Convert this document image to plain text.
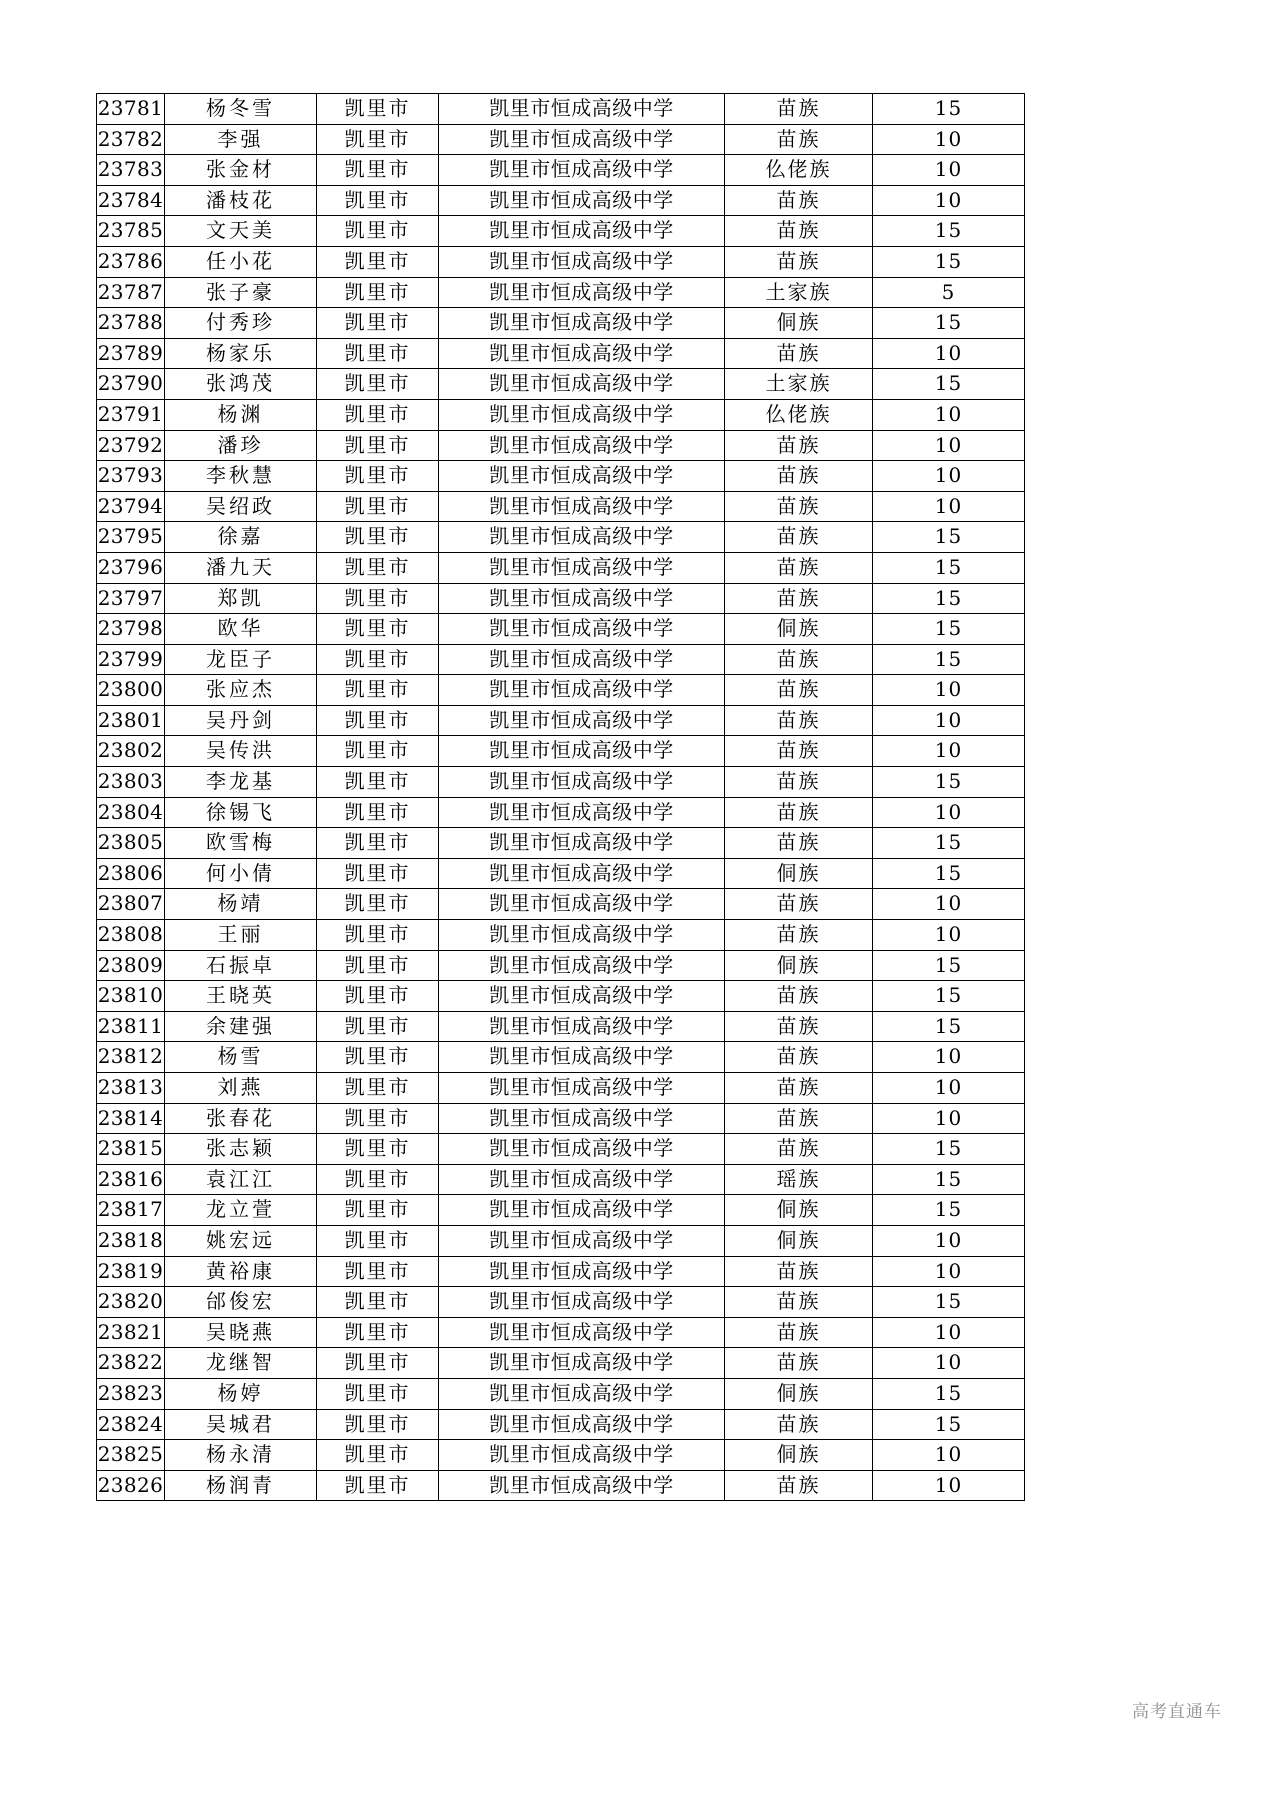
23781	杨冬雪	凯里市	凯里市恒成高级中学	苗族	15
23782	李强	凯里市	凯里市恒成高级中学	苗族	10
23783	张金材	凯里市	凯里市恒成高级中学	仫佬族	10
23784	潘枝花	凯里市	凯里市恒成高级中学	苗族	10
23785	文天美	凯里市	凯里市恒成高级中学	苗族	15
23786	任小花	凯里市	凯里市恒成高级中学	苗族	15
23787	张子豪	凯里市	凯里市恒成高级中学	土家族	5
23788	付秀珍	凯里市	凯里市恒成高级中学	侗族	15
23789	杨家乐	凯里市	凯里市恒成高级中学	苗族	10
23790	张鸿茂	凯里市	凯里市恒成高级中学	土家族	15
23791	杨渊	凯里市	凯里市恒成高级中学	仫佬族	10
23792	潘珍	凯里市	凯里市恒成高级中学	苗族	10
23793	李秋慧	凯里市	凯里市恒成高级中学	苗族	10
23794	吴绍政	凯里市	凯里市恒成高级中学	苗族	10
23795	徐嘉	凯里市	凯里市恒成高级中学	苗族	15
23796	潘九天	凯里市	凯里市恒成高级中学	苗族	15
23797	郑凯	凯里市	凯里市恒成高级中学	苗族	15
23798	欧华	凯里市	凯里市恒成高级中学	侗族	15
23799	龙臣子	凯里市	凯里市恒成高级中学	苗族	15
23800	张应杰	凯里市	凯里市恒成高级中学	苗族	10
23801	吴丹剑	凯里市	凯里市恒成高级中学	苗族	10
23802	吴传洪	凯里市	凯里市恒成高级中学	苗族	10
23803	李龙基	凯里市	凯里市恒成高级中学	苗族	15
23804	徐锡飞	凯里市	凯里市恒成高级中学	苗族	10
23805	欧雪梅	凯里市	凯里市恒成高级中学	苗族	15
23806	何小倩	凯里市	凯里市恒成高级中学	侗族	15
23807	杨靖	凯里市	凯里市恒成高级中学	苗族	10
23808	王丽	凯里市	凯里市恒成高级中学	苗族	10
23809	石振卓	凯里市	凯里市恒成高级中学	侗族	15
23810	王晓英	凯里市	凯里市恒成高级中学	苗族	15
23811	余建强	凯里市	凯里市恒成高级中学	苗族	15
23812	杨雪	凯里市	凯里市恒成高级中学	苗族	10
23813	刘燕	凯里市	凯里市恒成高级中学	苗族	10
23814	张春花	凯里市	凯里市恒成高级中学	苗族	10
23815	张志颖	凯里市	凯里市恒成高级中学	苗族	15
23816	袁江江	凯里市	凯里市恒成高级中学	瑶族	15
23817	龙立萱	凯里市	凯里市恒成高级中学	侗族	15
23818	姚宏远	凯里市	凯里市恒成高级中学	侗族	10
23819	黄裕康	凯里市	凯里市恒成高级中学	苗族	10
23820	邰俊宏	凯里市	凯里市恒成高级中学	苗族	15
23821	吴晓燕	凯里市	凯里市恒成高级中学	苗族	10
23822	龙继智	凯里市	凯里市恒成高级中学	苗族	10
23823	杨婷	凯里市	凯里市恒成高级中学	侗族	15
23824	吴城君	凯里市	凯里市恒成高级中学	苗族	15
23825	杨永清	凯里市	凯里市恒成高级中学	侗族	10
23826	杨润青	凯里市	凯里市恒成高级中学	苗族	10
高考直通车
